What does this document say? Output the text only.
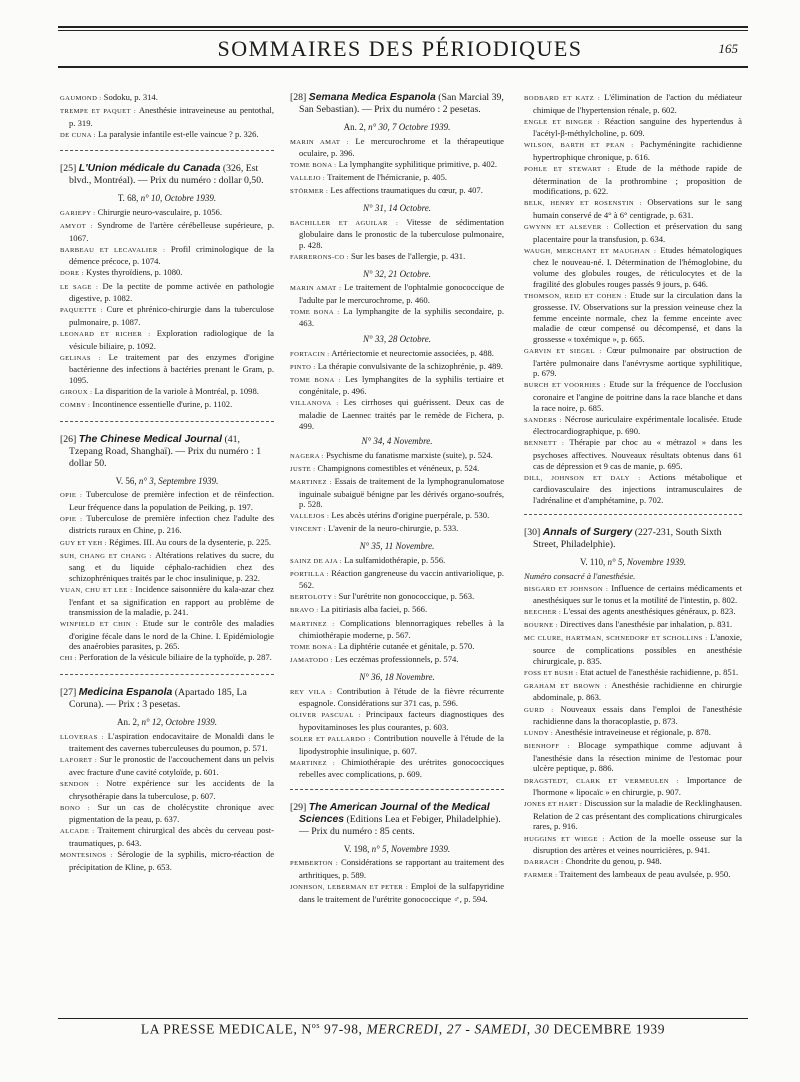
SOMMAIRES DES PÉRIODIQUES	165
GAUMOND : Sodoku, p. 314.
TREMPE ET PAQUET : Anesthésie intraveineuse au pentothal, p. 319.
DE CUNA : La paralysie infantile est-elle vaincue ? p. 326.
[25] L'Union médicale du Canada (326, Est blvd., Montréal). — Prix du numéro : dollar 0,50.
T. 68, n° 10, Octobre 1939.
GARIEPY : Chirurgie neuro-vasculaire, p. 1056.
AMYOT : Syndrome de l'artère cérébelleuse supérieure, p. 1067.
BARBEAU ET LECAVALIER : Profil criminologique de la démence précoce, p. 1074.
DORE : Kystes thyroïdiens, p. 1080.
LE SAGE : De la pectite de pomme activée en pathologie digestive, p. 1082.
PAQUETTE : Cure et phrénico-chirurgie dans la tuberculose pulmonaire, p. 1087.
LEONARD ET RICHER : Exploration radiologique de la vésicule biliaire, p. 1092.
GELINAS : Le traitement par des enzymes d'origine bactérienne des infections à bactéries prenant le Gram, p. 1095.
GIROUX : La disparition de la variole à Montréal, p. 1098.
COMBY : Incontinence essentielle d'urine, p. 1102.
[26] The Chinese Medical Journal (41, Tzepang Road, Shanghaï). — Prix du numéro : 1 dollar 50.
V. 56, n° 3, Septembre 1939.
OPIE : Tuberculose de première infection et de réinfection. Leur fréquence dans la population de Peiking, p. 197.
OPIE : Tuberculose de première infection chez l'adulte des districts ruraux en Chine, p. 216.
GUY ET YEH : Régimes. III. Au cours de la dysenterie, p. 225.
SUH, CHANG ET CHANG : Altérations relatives du sucre, du sang et du liquide céphalo-rachidien chez des schizophréniques traités par le choc insulinique, p. 232.
YUAN, CHU ET LEE : Incidence saisonnière du kala-azar chez l'enfant et sa signification en rapport au problème de transmission de la maladie, p. 241.
WINFIELD ET CHIN : Etude sur le contrôle des maladies d'origine fécale dans le nord de la Chine. I. Epidémiologie des anaérobies parasites, p. 265.
CHI : Perforation de la vésicule biliaire de la typhoïde, p. 287.
[27] Medicina Espanola (Apartado 185, La Coruna). — Prix : 3 pesetas.
An. 2, n° 12, Octobre 1939.
LLOVERAS : L'aspiration endocavitaire de Monaldi dans le traitement des cavernes tuberculeuses du poumon, p. 571.
LAFORET : Sur le pronostic de l'accouchement dans un pelvis avec fracture d'une cavité cotyloïde, p. 601.
SENDON : Notre expérience sur les accidents de la chrysothérapie dans la tuberculose, p. 607.
BONO : Sur un cas de cholécystite chronique avec pigmentation de la peau, p. 637.
ALCADE : Traitement chirurgical des abcès du cerveau post-traumatiques, p. 643.
MONTESINOS : Sérologie de la syphilis, micro-réaction de précipitation de Kline, p. 653.
[28] Semana Medica Espanola (San Marcial 39, San Sebastian). — Prix du numéro : 2 pesetas.
An. 2, n° 30, 7 Octobre 1939.
MARIN AMAT : Le mercurochrome et la thérapeutique oculaire, p. 396.
TOME BONA : La lymphangite syphilitique primitive, p. 402.
VALLEJO : Traitement de l'hémicranie, p. 405.
STÖRMER : Les affections traumatiques du cœur, p. 407.
N° 31, 14 Octobre.
BACHILLER ET AGUILAR : Vitesse de sédimentation globulaire dans le pronostic de la tuberculose pulmonaire, p. 428.
FARRERONS-CO : Sur les bases de l'allergie, p. 431.
N° 32, 21 Octobre.
MARIN AMAT : Le traitement de l'ophtalmie gonococcique de l'adulte par le mercurochrome, p. 460.
TOME BONA : La lymphangite de la syphilis secondaire, p. 463.
N° 33, 28 Octobre.
FORTACIN : Artériectomie et neurectomie associées, p. 488.
PINTO : La thérapie convulsivante de la schizophrénie, p. 489.
TOME BONA : Les lymphangites de la syphilis tertiaire et congénitale, p. 496.
VILLANOVA : Les cirrhoses qui guérissent. Deux cas de maladie de Laennec traités par le remède de Fichera, p. 499.
N° 34, 4 Novembre.
NAGERA : Psychisme du fanatisme marxiste (suite), p. 524.
JUSTE : Champignons comestibles et vénéneux, p. 524.
MARTINEZ : Essais de traitement de la lymphogranulomatose inguinale subaiguë bénigne par les dérivés organo-soufrés, p. 528.
VALLEJOS : Les abcès utérins d'origine puerpérale, p. 530.
VINCENT : L'avenir de la neuro-chirurgie, p. 533.
N° 35, 11 Novembre.
SAINZ DE AJA : La sulfamidothérapie, p. 556.
PORTILLA : Réaction gangreneuse du vaccin antivariolique, p. 562.
BERTOLOTY : Sur l'urétrite non gonococcique, p. 563.
BRAVO : La pitiriasis alba faciei, p. 566.
MARTINEZ : Complications blennorragiques rebelles à la chimiothérapie moderne, p. 567.
TOME BONA : La diphtérie cutanée et génitale, p. 570.
JAMATODO : Les eczémas professionnels, p. 574.
N° 36, 18 Novembre.
REY VILA : Contribution à l'étude de la fièvre récurrente espagnole. Considérations sur 371 cas, p. 596.
OLIVER PASCUAL : Principaux facteurs diagnostiques des hypovitaminoses les plus courantes, p. 603.
SOLER ET PALLARDO : Contribution nouvelle à l'étude de la lipodystrophie insulinique, p. 607.
MARTINEZ : Chimiothérapie des urétrites gonococciques rebelles avec complications, p. 609.
[29] The American Journal of the Medical Sciences (Editions Lea et Febiger, Philadelphie). — Prix du numéro : 85 cents.
V. 198, n° 5, Novembre 1939.
PEMBERTON : Considérations se rapportant au traitement des arthritiques, p. 589.
JONHSON, LEBERMAN ET PETER : Emploi de la sulfapyridine dans le traitement de l'urétrite gonococcique ♂, p. 594.
BODBARD ET KATZ : L'élimination de l'action du médiateur chimique de l'hypertension rénale, p. 602.
ENGLE ET BINGER : Réaction sanguine des hypertendus à l'acétyl-β-méthylcholine, p. 609.
WILSON, BARTH ET PEAN : Pachyméningite rachidienne hypertrophique chronique, p. 616.
POHLE ET STEWART : Etude de la méthode rapide de détermination de la prothrombine ; proposition de modifications, p. 622.
BELK, HENRY ET ROSENSTIN : Observations sur le sang humain conservé de 4° à 6° centigrade, p. 631.
GWYNN ET ALSEVER : Collection et préservation du sang placentaire pour la transfusion, p. 634.
WAUGH, MERCHANT ET MAUGHAN : Etudes hématologiques chez le nouveau-né. I. Détermination de l'hémoglobine, du volume des globules rouges, de réticulocytes et de la fragilité des globules rouges passés 9 jours, p. 646.
THOMSON, REID ET COHEN : Etude sur la circulation dans la grossesse. IV. Observations sur la pression veineuse chez la femme enceinte normale, chez la femme enceinte avec maladie de cœur compensé ou décompensé, et dans la grossesse « toxémique », p. 665.
GARVIN ET SIEGEL : Cœur pulmonaire par obstruction de l'artère pulmonaire dans l'anévrysme aortique syphilitique, p. 679.
BURCH ET VOORHIES : Etude sur la fréquence de l'occlusion coronaire et l'angine de poitrine dans la race blanche et dans la race noire, p. 685.
SANDERS : Nécrose auriculaire expérimentale localisée. Etude électrocardiographique, p. 690.
BENNETT : Thérapie par choc au « métrazol » dans les psychoses affectives. Nouveaux résultats obtenus dans 61 cas de dépression et 9 cas de manie, p. 695.
DILL, JOHNSON ET DALY : Actions métabolique et cardiovasculaire des injections intramusculaires de l'adrénaline et d'amphétamine, p. 702.
[30] Annals of Surgery (227-231, South Sixth Street, Philadelphie).
V. 110, n° 5, Novembre 1939.
Numéro consacré à l'anesthésie.
BISGARD ET JOHNSON : Influence de certains médicaments et anesthésiques sur le tonus et la motilité de l'intestin, p. 802.
BEECHER : L'essai des agents anesthésiques généraux, p. 823.
BOURNE : Directives dans l'anesthésie par inhalation, p. 831.
MC CLURE, HARTMAN, SCHNEDORF ET SCHOLLINS : L'anoxie, source de complications possibles en anesthésie chirurgicale, p. 835.
FOSS ET BUSH : Etat actuel de l'anesthésie rachidienne, p. 851.
GRAHAM ET BROWN : Anesthésie rachidienne en chirurgie abdominale, p. 863.
GURD : Nouveaux essais dans l'emploi de l'anesthésie rachidienne dans la thoracoplastie, p. 873.
LUNDY : Anesthésie intraveineuse et régionale, p. 878.
BIENHOFF : Blocage sympathique comme adjuvant à l'anesthésie dans la résection minime de l'estomac pour ulcère peptique, p. 886.
DRAGSTEDT, CLARK ET VERMEULEN : Importance de l'hormone « lipocaïc » en chirurgie, p. 907.
JONES ET HART : Discussion sur la maladie de Recklinghausen. Relation de 2 cas présentant des complications chirurgicales rares, p. 916.
HUGGINS ET WIEGE : Action de la moelle osseuse sur la disruption des artères et veines nourricières, p. 941.
DARRACH : Chondrite du genou, p. 948.
FARMER : Traitement des lambeaux de peau avulsée, p. 950.
LA PRESSE MEDICALE, $N^{os}$ 97-98, MERCREDI, 27 - SAMEDI, 30 DECEMBRE 1939
